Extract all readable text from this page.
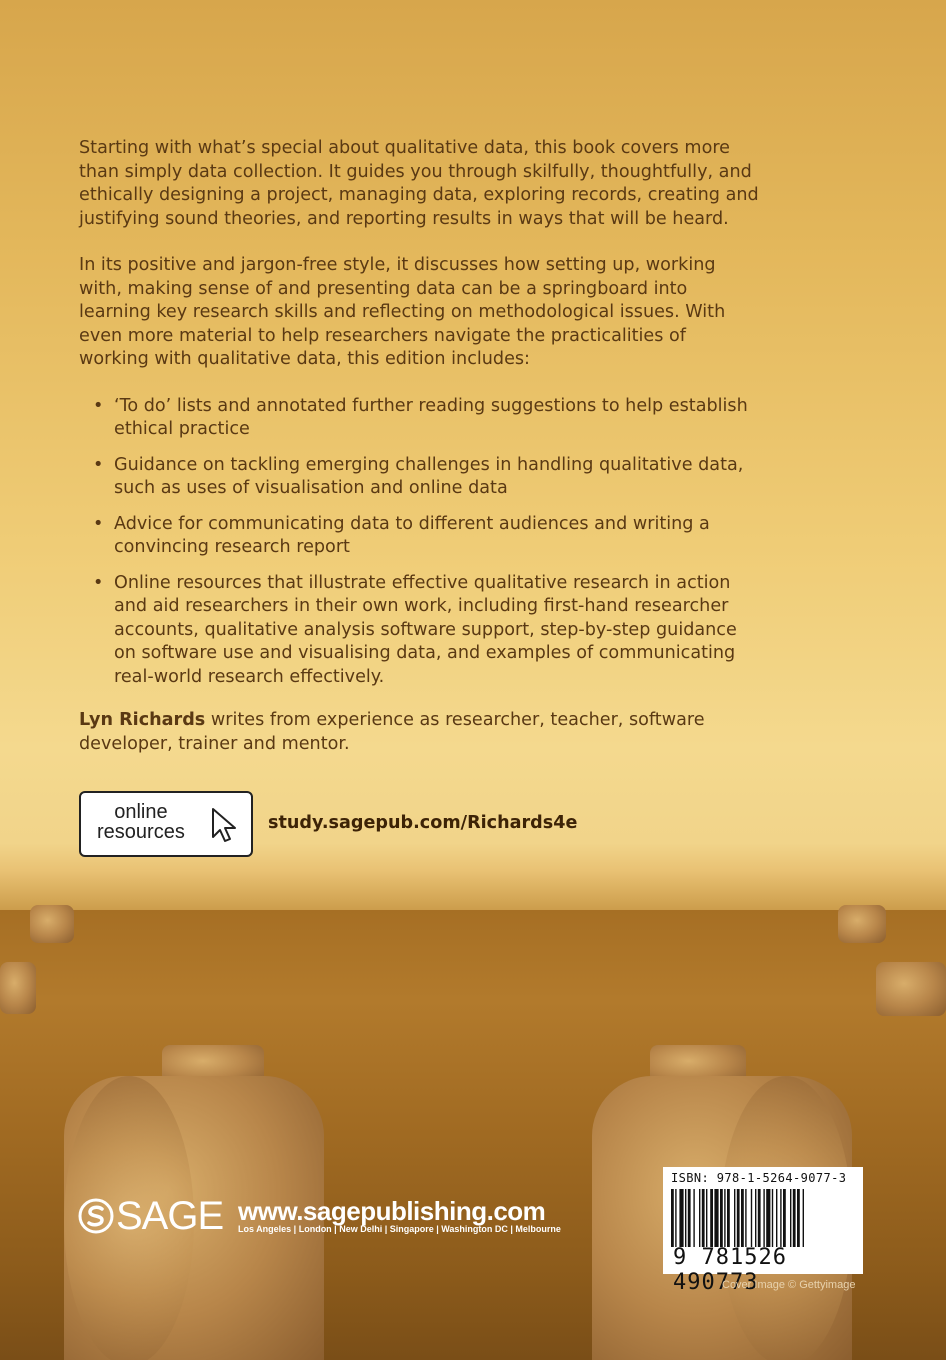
Starting with what’s special about qualitative data, this book covers more than simply data collection. It guides you through skilfully, thoughtfully, and ethically designing a project, managing data, exploring records, creating and justifying sound theories, and reporting results in ways that will be heard.

In its positive and jargon-free style, it discusses how setting up, working with, making sense of and presenting data can be a springboard into learning key research skills and reflecting on methodological issues. With even more material to help researchers navigate the practicalities of working with qualitative data, this edition includes:

• ‘To do’ lists and annotated further reading suggestions to help establish ethical practice
• Guidance on tackling emerging challenges in handling qualitative data, such as uses of visualisation and online data
• Advice for communicating data to different audiences and writing a convincing research report
• Online resources that illustrate effective qualitative research in action and aid researchers in their own work, including first-hand researcher accounts, qualitative analysis software support, step-by-step guidance on software use and visualising data, and examples of communicating real-world research effectively.

Lyn Richards writes from experience as researcher, teacher, software developer, trainer and mentor.

online
resources	study.sagepub.com/Richards4e
SAGE www.sagepublishing.com
Los Angeles | London | New Delhi | Singapore | Washington DC | Melbourne
ISBN: 978-1-5264-9077-3
9 781526 490773
Cover Image © Gettyimage
